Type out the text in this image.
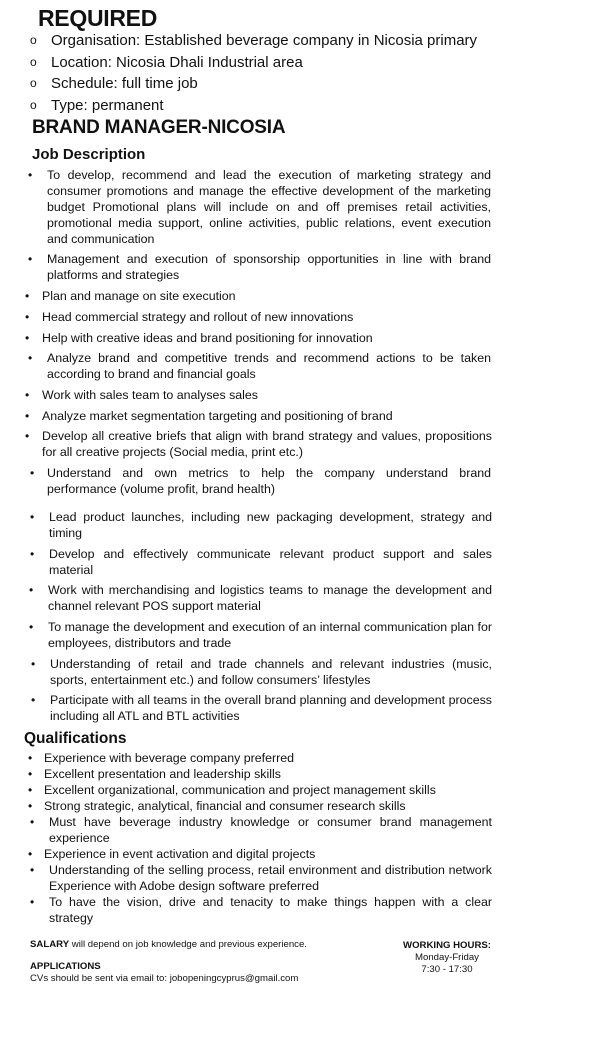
REQUIRED
o Organisation: Established beverage company in Nicosia primary
o Location: Nicosia Dhali Industrial area
o Schedule: full time job
o Type: permanent
BRAND MANAGER-NICOSIA
Job Description
• To develop, recommend and lead the execution of marketing strategy and consumer promotions and manage the effective development of the marketing budget Promotional plans will include on and off premises retail activities, promotional media support, online activities, public relations, event execution and communication
• Management and execution of sponsorship opportunities in line with brand platforms and strategies
• Plan and manage on site execution
• Head commercial strategy and rollout of new innovations
• Help with creative ideas and brand positioning for innovation
• Analyze brand and competitive trends and recommend actions to be taken according to brand and financial goals
• Work with sales team to analyses sales
• Analyze market segmentation targeting and positioning of brand
• Develop all creative briefs that align with brand strategy and values, propositions for all creative projects (Social media, print etc.)
• Understand and own metrics to help the company understand brand performance (volume profit, brand health)
• Lead product launches, including new packaging development, strategy and timing
• Develop and effectively communicate relevant product support and sales material
• Work with merchandising and logistics teams to manage the development and channel relevant POS support material
• To manage the development and execution of an internal communication plan for employees, distributors and trade
• Understanding of retail and trade channels and relevant industries (music, sports, entertainment etc.) and follow consumers’ lifestyles
• Participate with all teams in the overall brand planning and development process including all ATL and BTL activities
Qualifications
• Experience with beverage company preferred
• Excellent presentation and leadership skills
• Excellent organizational, communication and project management skills
• Strong strategic, analytical, financial and consumer research skills
• Must have beverage industry knowledge or consumer brand management experience
• Experience in event activation and digital projects
• Understanding of the selling process, retail environment and distribution network Experience with Adobe design software preferred
• To have the vision, drive and tenacity to make things happen with a clear strategy
SALARY will depend on job knowledge and previous experience.
APPLICATIONS
CVs should be sent via email to: jobopeningcyprus@gmail.com
WORKING HOURS:
Monday-Friday
7:30 - 17:30
